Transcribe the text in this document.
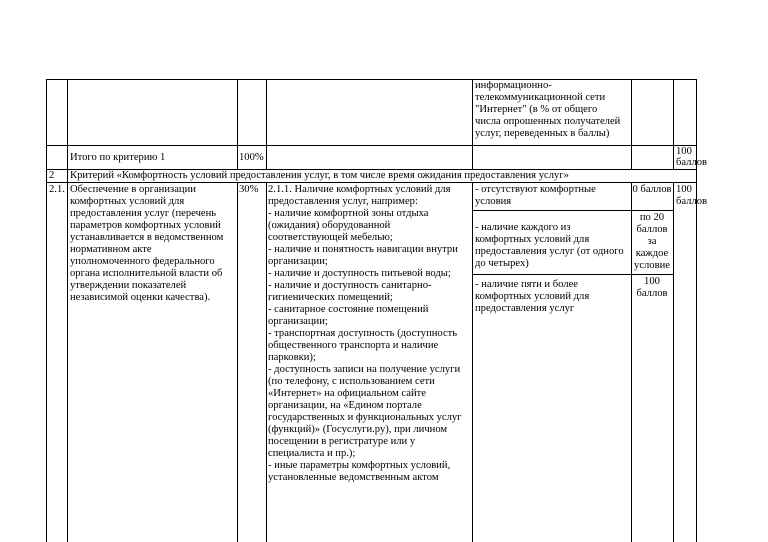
информационно-
телекоммуникационной сети
"Интернет" (в % от общего
числа опрошенных получателей
услуг, переведенных в баллы)
Итого по критерию 1	100%
100
баллов
2 Критерий «Комфортность условий предоставления услуг, в том числе время ожидания предоставления услуг»
2.1. Обеспечение в организации
комфортных условий для
предоставления услуг (перечень
параметров комфортных условий
устанавливается в ведомственном
нормативном акте
уполномоченного федерального
органа исполнительной власти об
утверждении показателей
независимой оценки качества).
30% 2.1.1. Наличие комфортных условий для
предоставления услуг, например:
- наличие комфортной зоны отдыха
(ожидания) оборудованной
соответствующей мебелью;
- наличие и понятность навигации внутри
организации;
- наличие и доступность питьевой воды;
- наличие и доступность санитарно-
гигиенических помещений;
- санитарное состояние помещений
организации;
- транспортная доступность (доступность
общественного транспорта и наличие
парковки);
- доступность записи на получение услуги
(по телефону, с использованием сети
«Интернет» на официальном сайте
организации, на «Едином портале
государственных и функциональных услуг
(функций)» (Госуслуги.ру), при личном
посещении в регистратуре или у
специалиста и пр.);
- иные параметры комфортных условий,
установленные ведомственным актом
- отсутствуют комфортные
условия
0 баллов
- наличие каждого из
комфортных условий для
предоставления услуг (от одного
до четырех)
по 20
баллов
за
каждое
условие
- наличие пяти и более
комфортных условий для
предоставления услуг
100
баллов
100
баллов
